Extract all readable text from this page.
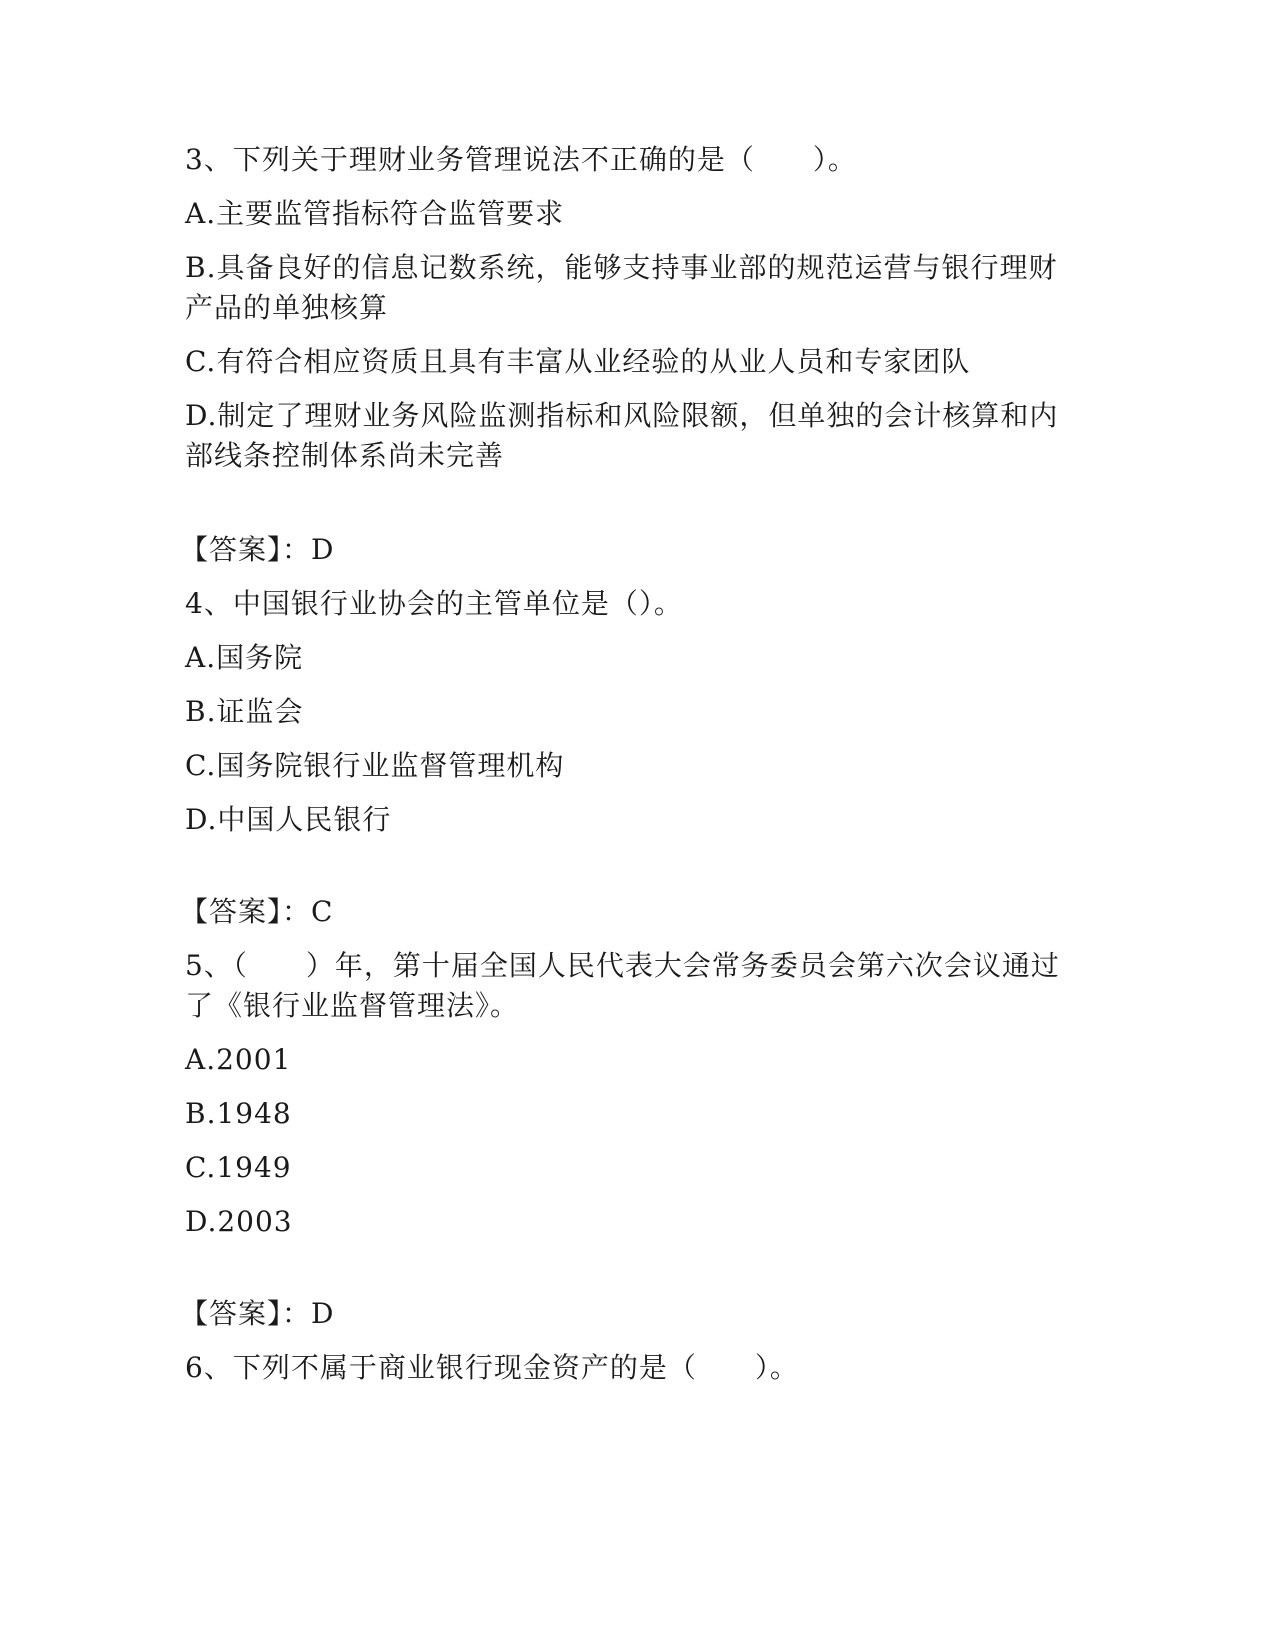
3、下列关于理财业务管理说法不正确的是（　　）。
A.主要监管指标符合监管要求
B.具备良好的信息记数系统，能够支持事业部的规范运营与银行理财
产品的单独核算
C.有符合相应资质且具有丰富从业经验的从业人员和专家团队
D.制定了理财业务风险监测指标和风险限额，但单独的会计核算和内
部线条控制体系尚未完善
【答案】：D
4、中国银行业协会的主管单位是（）。
A.国务院
B.证监会
C.国务院银行业监督管理机构
D.中国人民银行
【答案】：C
5、（　　）年，第十届全国人民代表大会常务委员会第六次会议通过
了《银行业监督管理法》。
A.2001
B.1948
C.1949
D.2003
【答案】：D
6、下列不属于商业银行现金资产的是（　　）。
